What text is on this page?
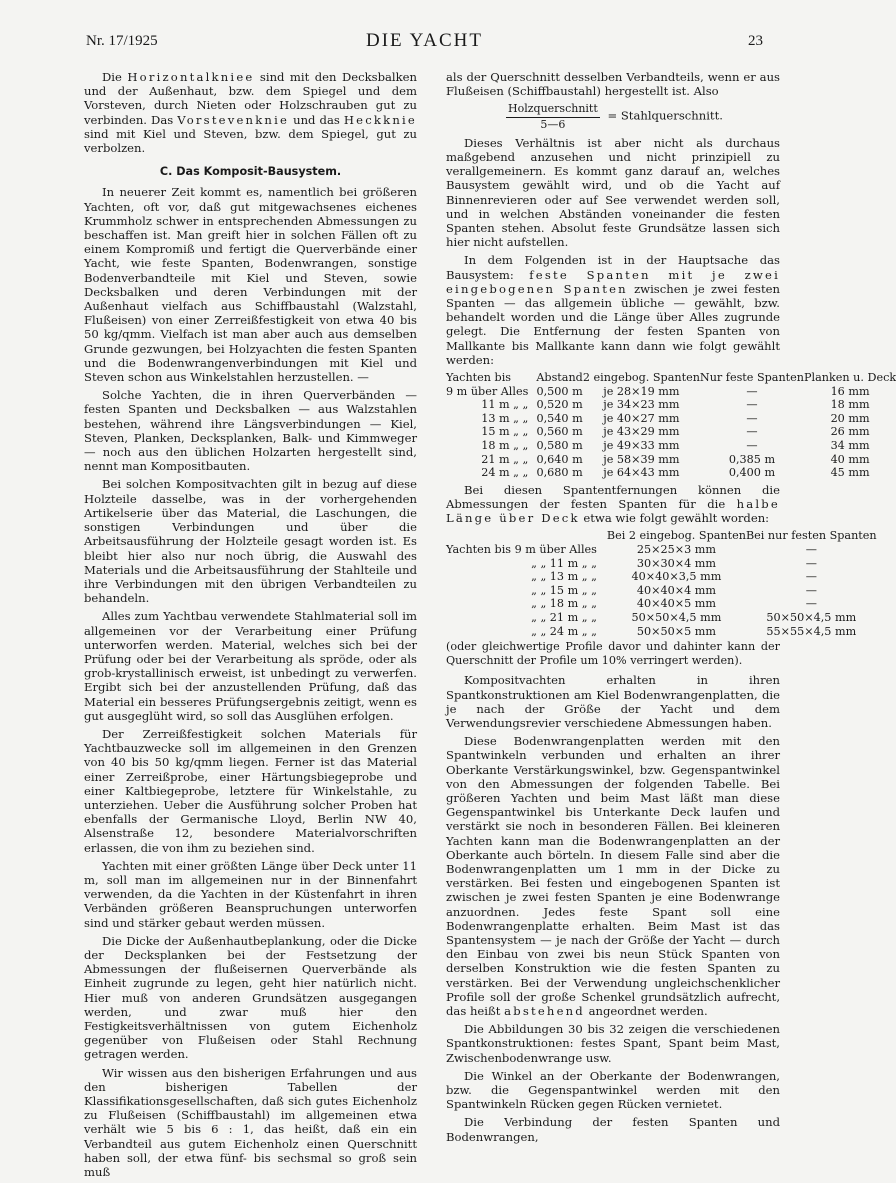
Nr. 17/1925	DIE YACHT	23

Die Horizontalkniee sind mit den Decksbalken und der Außenhaut, bzw. dem Spiegel und dem Vorsteven, durch Nieten oder Holzschrauben gut zu verbinden. Das Vorstevenknie und das Heckknie sind mit Kiel und Steven, bzw. dem Spiegel, gut zu verbolzen.

C. Das Komposit-Bausystem.

In neuerer Zeit kommt es, namentlich bei größeren Yachten, oft vor, daß gut mitgewachsenes eichenes Krummholz schwer in entsprechenden Abmessungen zu beschaffen ist. Man greift hier in solchen Fällen oft zu einem Kompromiß und fertigt die Querverbände einer Yacht, wie feste Spanten, Bodenwrangen, sonstige Bodenverbandteile mit Kiel und Steven, sowie Decksbalken und deren Verbindungen mit der Außenhaut vielfach aus Schiffbaustahl (Walzstahl, Flußeisen) von einer Zerreißfestigkeit von etwa 40 bis 50 kg/qmm. Vielfach ist man aber auch aus demselben Grunde gezwungen, bei Holzyachten die festen Spanten und die Bodenwrangenverbindungen mit Kiel und Steven schon aus Winkelstahlen herzustellen. —

Solche Yachten, die in ihren Querverbänden — festen Spanten und Decksbalken — aus Walzstahlen bestehen, während ihre Längsverbindungen — Kiel, Steven, Planken, Decksplanken, Balk- und Kimmweger — noch aus den üblichen Holzarten hergestellt sind, nennt man Kompositbauten.

Bei solchen Kompositvachten gilt in bezug auf diese Holzteile dasselbe, was in der vorhergehenden Artikelserie über das Material, die Laschungen, die sonstigen Verbindungen und über die Arbeitsausführung der Holzteile gesagt worden ist. Es bleibt hier also nur noch übrig, die Auswahl des Materials und die Arbeitsausführung der Stahlteile und ihre Verbindungen mit den übrigen Verbandteilen zu behandeln.

Alles zum Yachtbau verwendete Stahlmaterial soll im allgemeinen vor der Verarbeitung einer Prüfung unterworfen werden. Material, welches sich bei der Prüfung oder bei der Verarbeitung als spröde, oder als grob-krystallinisch erweist, ist unbedingt zu verwerfen. Ergibt sich bei der anzustellenden Prüfung, daß das Material ein besseres Prüfungsergebnis zeitigt, wenn es gut ausgeglüht wird, so soll das Ausglühen erfolgen.

Der Zerreißfestigkeit solchen Materials für Yachtbauzwecke soll im allgemeinen in den Grenzen von 40 bis 50 kg/qmm liegen. Ferner ist das Material einer Zerreißprobe, einer Härtungsbiegeprobe und einer Kaltbiegeprobe, letztere für Winkelstahle, zu unterziehen. Ueber die Ausführung solcher Proben hat ebenfalls der Germanische Lloyd, Berlin NW 40, Alsenstraße 12, besondere Materialvorschriften erlassen, die von ihm zu beziehen sind.

Yachten mit einer größten Länge über Deck unter 11 m, soll man im allgemeinen nur in der Binnenfahrt verwenden, da die Yachten in der Küstenfahrt in ihren Verbänden größeren Beanspruchungen unterworfen sind und stärker gebaut werden müssen.

Die Dicke der Außenhautbeplankung, oder die Dicke der Decksplanken bei der Festsetzung der Abmessungen der flußeisernen Querverbände als Einheit zugrunde zu legen, geht hier natürlich nicht. Hier muß von anderen Grundsätzen ausgegangen werden, und zwar muß hier den Festigkeitsverhältnissen von gutem Eichenholz gegenüber von Flußeisen oder Stahl Rechnung getragen werden.

Wir wissen aus den bisherigen Erfahrungen und aus den bisherigen Tabellen der Klassifikationsgesellschaften, daß sich gutes Eichenholz zu Flußeisen (Schiffbaustahl) im allgemeinen etwa verhält wie 5 bis 6 : 1, das heißt, daß ein ein Verbandteil aus gutem Eichenholz einen Querschnitt haben soll, der etwa fünf- bis sechsmal so groß sein muß

als der Querschnitt desselben Verbandteils, wenn er aus Flußeisen (Schiffbaustahl) hergestellt ist. Also

$\frac{\text{Holzquerschnitt}}{5—6}$ = Stahlquerschnitt.

Dieses Verhältnis ist aber nicht als durchaus maßgebend anzusehen und nicht prinzipiell zu verallgemeinern. Es kommt ganz darauf an, welches Bausystem gewählt wird, und ob die Yacht auf Binnenrevieren oder auf See verwendet werden soll, und in welchen Abständen voneinander die festen Spanten stehen. Absolut feste Grundsätze lassen sich hier nicht aufstellen.

In dem Folgenden ist in der Hauptsache das Bausystem: feste Spanten mit je zwei eingebogenen Spanten zwischen je zwei festen Spanten — das allgemein übliche — gewählt, bzw. behandelt worden und die Länge über Alles zugrunde gelegt. Die Entfernung der festen Spanten von Mallkante bis Mallkante kann dann wie folgt gewählt werden:

Yachten bis	Abstand	2 eingebog. Spanten	Nur feste Spanten	Planken u. Deck
9 m über Alles	0,500 m	je 28×19 mm	—	16 mm
11 m „ „	0,520 m	je 34×23 mm	—	18 mm
13 m „ „	0,540 m	je 40×27 mm	—	20 mm
15 m „ „	0,560 m	je 43×29 mm	—	26 mm
18 m „ „	0,580 m	je 49×33 mm	—	34 mm
21 m „ „	0,640 m	je 58×39 mm	0,385 m	40 mm
24 m „ „	0,680 m	je 64×43 mm	0,400 m	45 mm

Bei diesen Spantentfernungen können die Abmessungen der festen Spanten für die halbe Länge über Deck etwa wie folgt gewählt worden:

	Bei 2 eingebog. Spanten	Bei nur festen Spanten
Yachten bis 9 m über Alles	25×25×3 mm	—
„ „ 11 m „ „	30×30×4 mm	—
„ „ 13 m „ „	40×40×3,5 mm	—
„ „ 15 m „ „	40×40×4 mm	—
„ „ 18 m „ „	40×40×5 mm	—
„ „ 21 m „ „	50×50×4,5 mm	50×50×4,5 mm
„ „ 24 m „ „	50×50×5 mm	55×55×4,5 mm

(oder gleichwertige Profile davor und dahinter kann der Querschnitt der Profile um 10% verringert werden).

Kompositvachten erhalten in ihren Spantkonstruktionen am Kiel Bodenwrangenplatten, die je nach der Größe der Yacht und dem Verwendungsrevier verschiedene Abmessungen haben.

Diese Bodenwrangenplatten werden mit den Spantwinkeln verbunden und erhalten an ihrer Oberkante Verstärkungswinkel, bzw. Gegenspantwinkel von den Abmessungen der folgenden Tabelle. Bei größeren Yachten und beim Mast läßt man diese Gegenspantwinkel bis Unterkante Deck laufen und verstärkt sie noch in besonderen Fällen. Bei kleineren Yachten kann man die Bodenwrangenplatten an der Oberkante auch börteln. In diesem Falle sind aber die Bodenwrangenplatten um 1 mm in der Dicke zu verstärken. Bei festen und eingebogenen Spanten ist zwischen je zwei festen Spanten je eine Bodenwrange anzuordnen. Jedes feste Spant soll eine Bodenwrangenplatte erhalten. Beim Mast ist das Spantensystem — je nach der Größe der Yacht — durch den Einbau von zwei bis neun Stück Spanten von derselben Konstruktion wie die festen Spanten zu verstärken. Bei der Verwendung ungleichschenklicher Profile soll der große Schenkel grundsätzlich aufrecht, das heißt abstehend angeordnet werden.

Die Abbildungen 30 bis 32 zeigen die verschiedenen Spantkonstruktionen: festes Spant, Spant beim Mast, Zwischenbodenwrange usw.

Die Winkel an der Oberkante der Bodenwrangen, bzw. die Gegenspantwinkel werden mit den Spantwinkeln Rücken gegen Rücken vernietet.

Die Verbindung der festen Spanten und Bodenwrangen,
